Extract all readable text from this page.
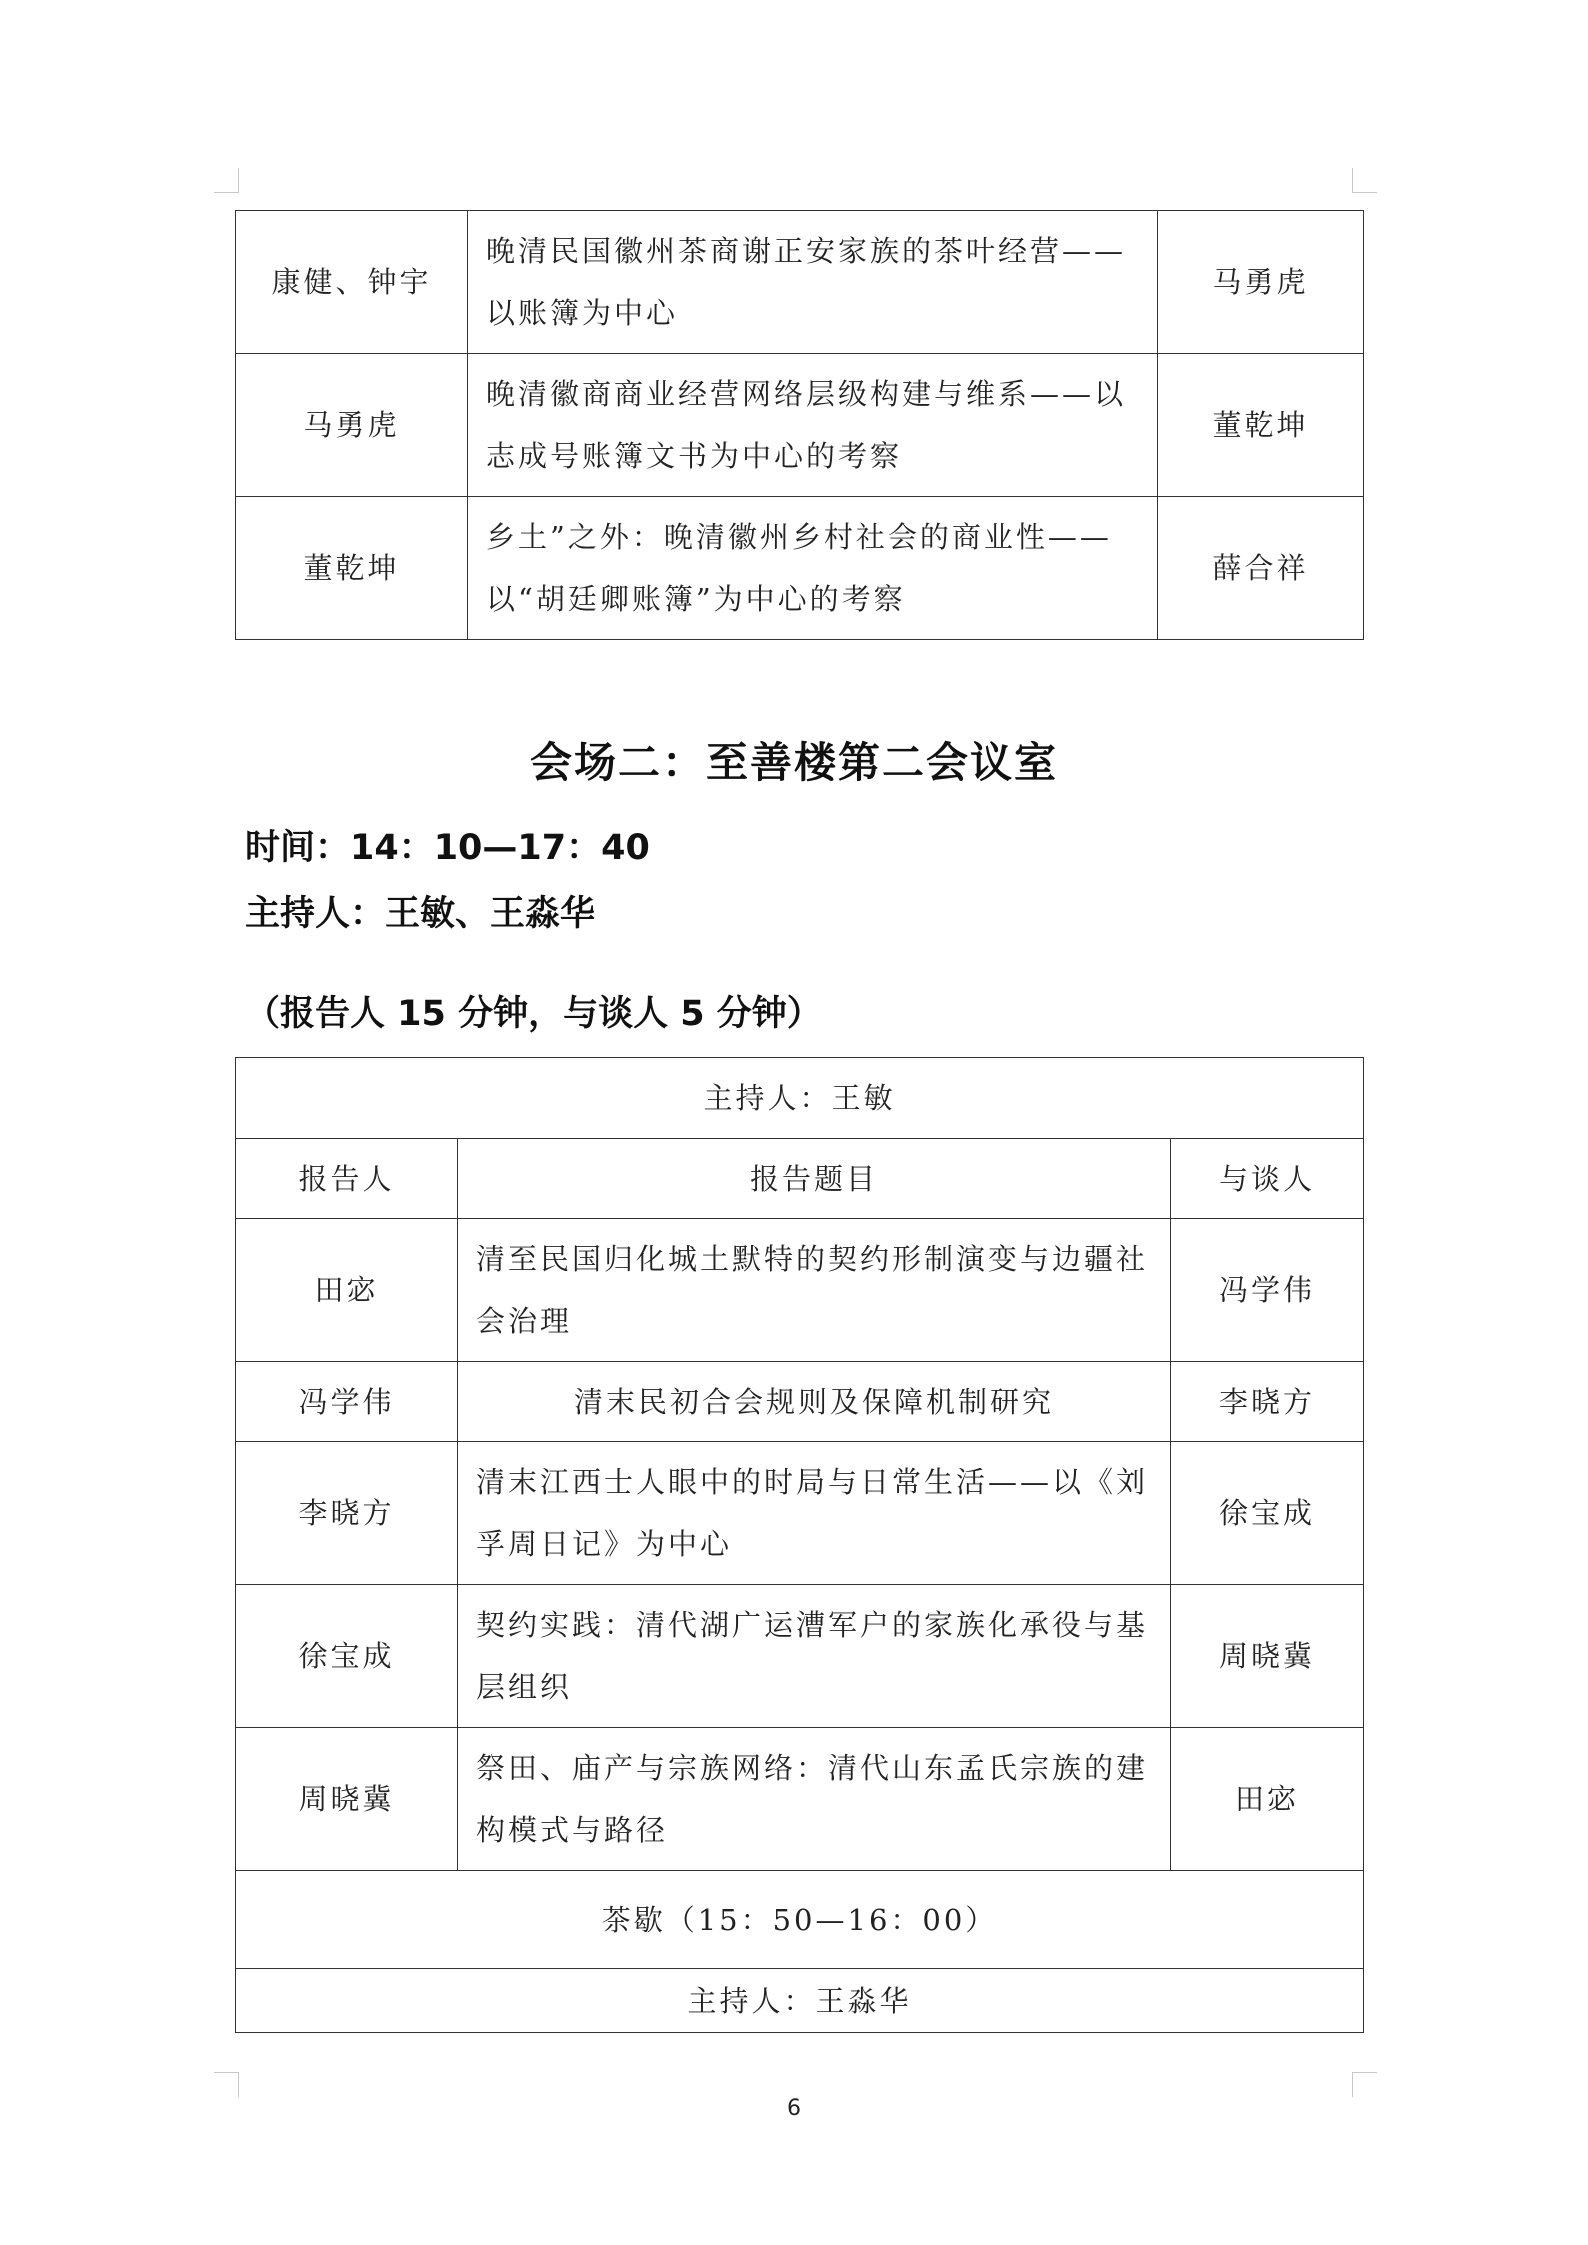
康健、钟宇	晚清民国徽州茶商谢正安家族的茶叶经营——以账簿为中心	马勇虎
马勇虎	晚清徽商商业经营网络层级构建与维系——以志成号账簿文书为中心的考察	董乾坤
董乾坤	乡土”之外：晚清徽州乡村社会的商业性——以“胡廷卿账簿”为中心的考察	薛合祥
会场二：至善楼第二会议室
时间：14：10—17：40
主持人：王敏、王淼华
（报告人 15 分钟，与谈人 5 分钟）
主持人：王敏		
报告人	报告题目	与谈人
田宓	清至民国归化城土默特的契约形制演变与边疆社会治理	冯学伟
冯学伟	清末民初合会规则及保障机制研究	李晓方
李晓方	清末江西士人眼中的时局与日常生活——以《刘孚周日记》为中心	徐宝成
徐宝成	契约实践：清代湖广运漕军户的家族化承役与基层组织	周晓冀
周晓冀	祭田、庙产与宗族网络：清代山东孟氏宗族的建构模式与路径	田宓
茶歇（15：50—16：00）		
主持人：王淼华		
6
